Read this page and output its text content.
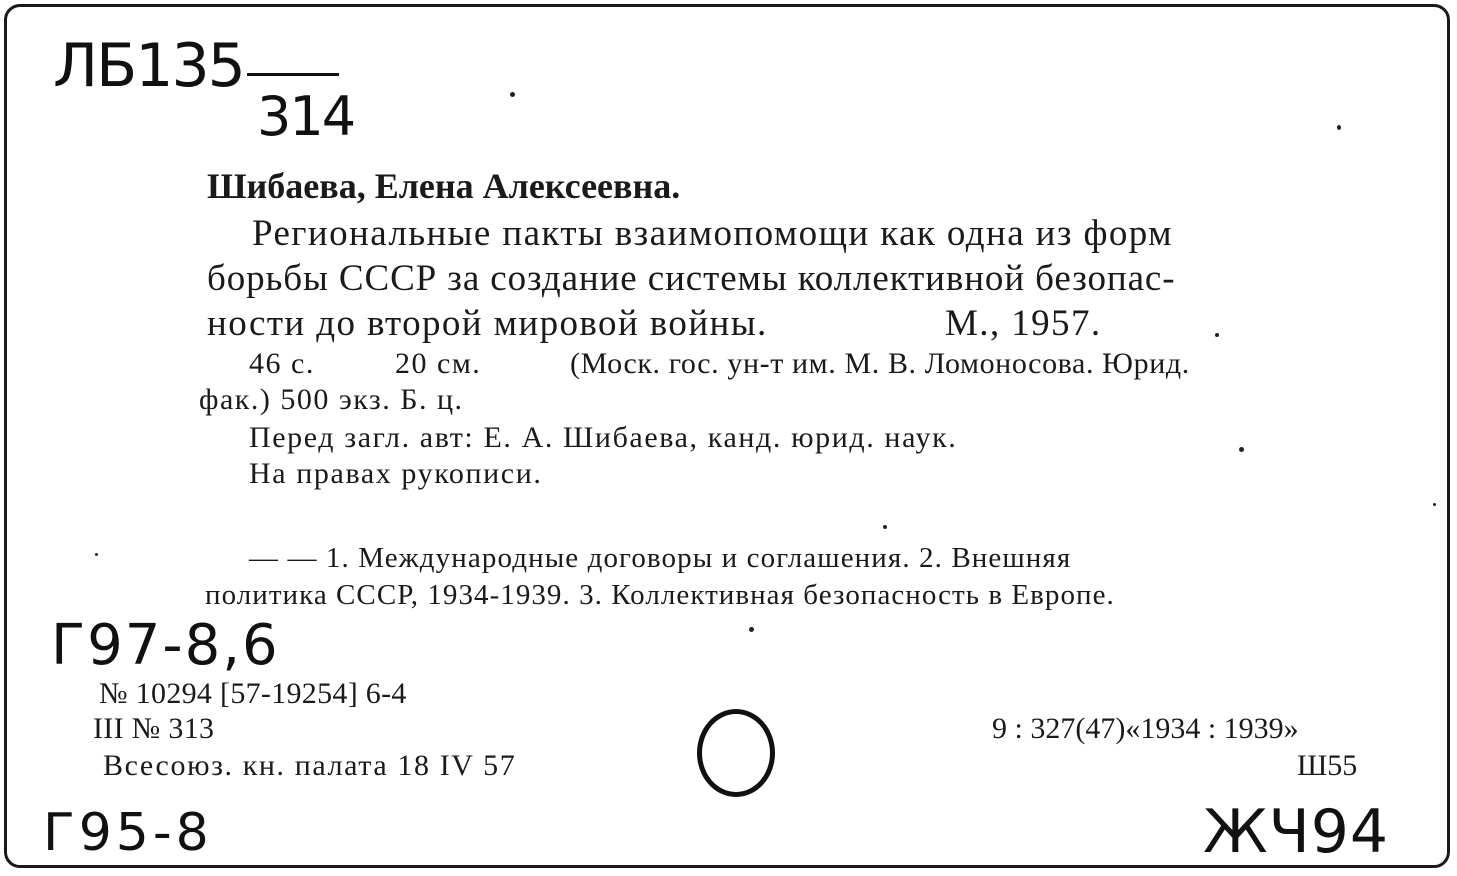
ЛБ135
314
Шибаева, Елена Алексеевна.
Региональные пакты взаимопомощи как одна из форм
борьбы СССР за создание системы коллективной безопас-
ности до второй мировой войны.	М., 1957.
46 с.	20 см.	(Моск. гос. ун-т им. М. В. Ломоносова. Юрид.
фак.) 500 экз. Б. ц.
Перед загл. авт: Е. А. Шибаева, канд. юрид. наук.
На правах рукописи.
— — 1. Международные договоры и соглашения. 2. Внешняя
политика СССР, 1934-1939. 3. Коллективная безопасность в Европе.
Г97-8,6
№ 10294 [57-19254] 6-4
III № 313
Всесоюз. кн. палата 18 IV 57
9 : 327(47)«1934 : 1939»
Ш55
Г95-8	ЖЧ94
